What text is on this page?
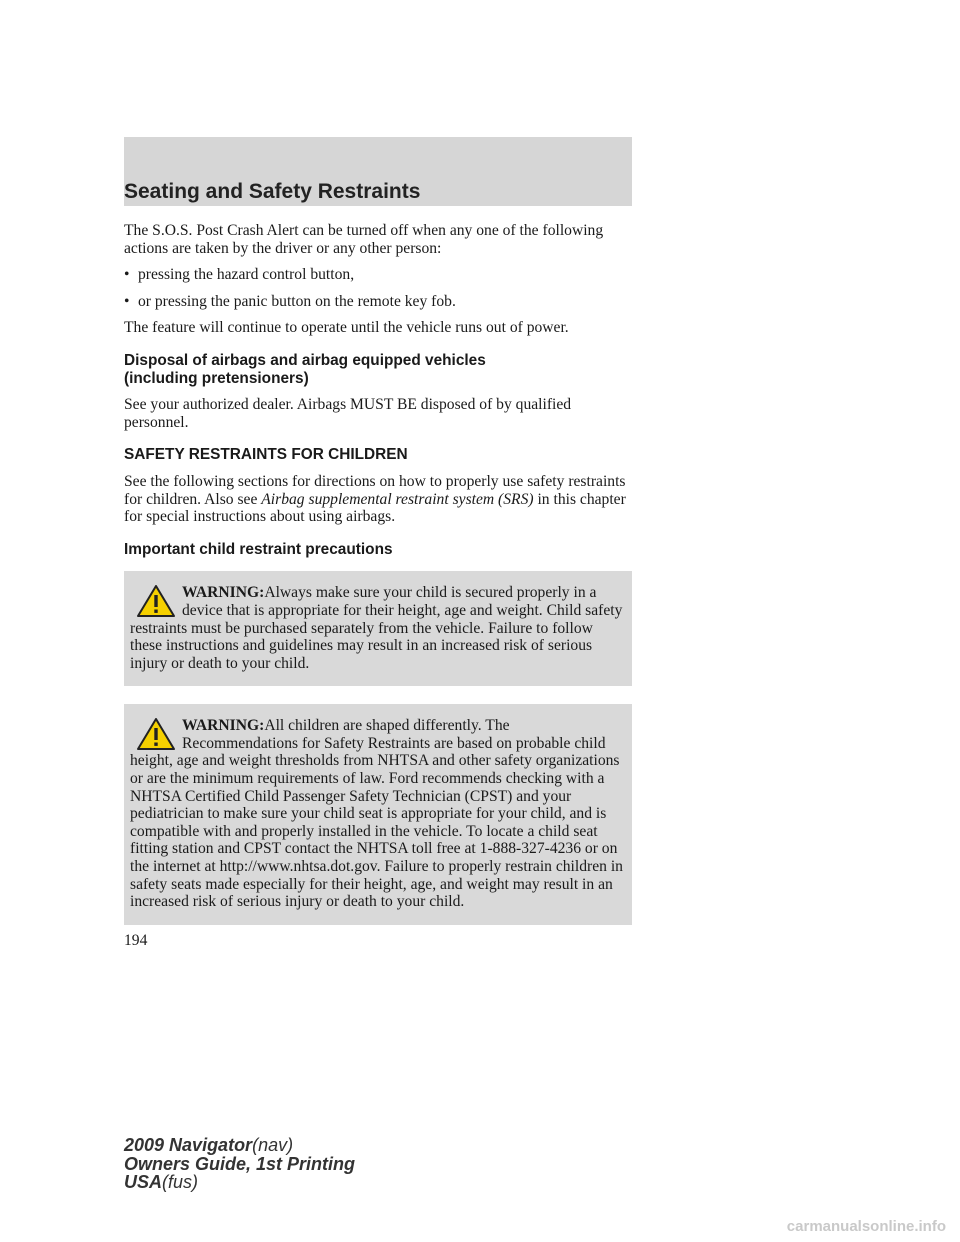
Seating and Safety Restraints

The S.O.S. Post Crash Alert can be turned off when any one of the following actions are taken by the driver or any other person:

• pressing the hazard control button,
• or pressing the panic button on the remote key fob.

The feature will continue to operate until the vehicle runs out of power.

Disposal of airbags and airbag equipped vehicles
(including pretensioners)

See your authorized dealer. Airbags MUST BE disposed of by qualified personnel.

SAFETY RESTRAINTS FOR CHILDREN

See the following sections for directions on how to properly use safety restraints for children. Also see Airbag supplemental restraint system (SRS) in this chapter for special instructions about using airbags.

Important child restraint precautions
WARNING:Always make sure your child is secured properly in a device that is appropriate for their height, age and weight. Child safety restraints must be purchased separately from the vehicle. Failure to follow these instructions and guidelines may result in an increased risk of serious injury or death to your child.
WARNING:All children are shaped differently. The Recommendations for Safety Restraints are based on probable child height, age and weight thresholds from NHTSA and other safety organizations or are the minimum requirements of law. Ford recommends checking with a NHTSA Certified Child Passenger Safety Technician (CPST) and your pediatrician to make sure your child seat is appropriate for your child, and is compatible with and properly installed in the vehicle. To locate a child seat fitting station and CPST contact the NHTSA toll free at 1-888-327-4236 or on the internet at http://www.nhtsa.dot.gov. Failure to properly restrain children in safety seats made especially for their height, age, and weight may result in an increased risk of serious injury or death to your child.
194
2009 Navigator(nav)
Owners Guide, 1st Printing
USA(fus)
carmanualsonline.info
